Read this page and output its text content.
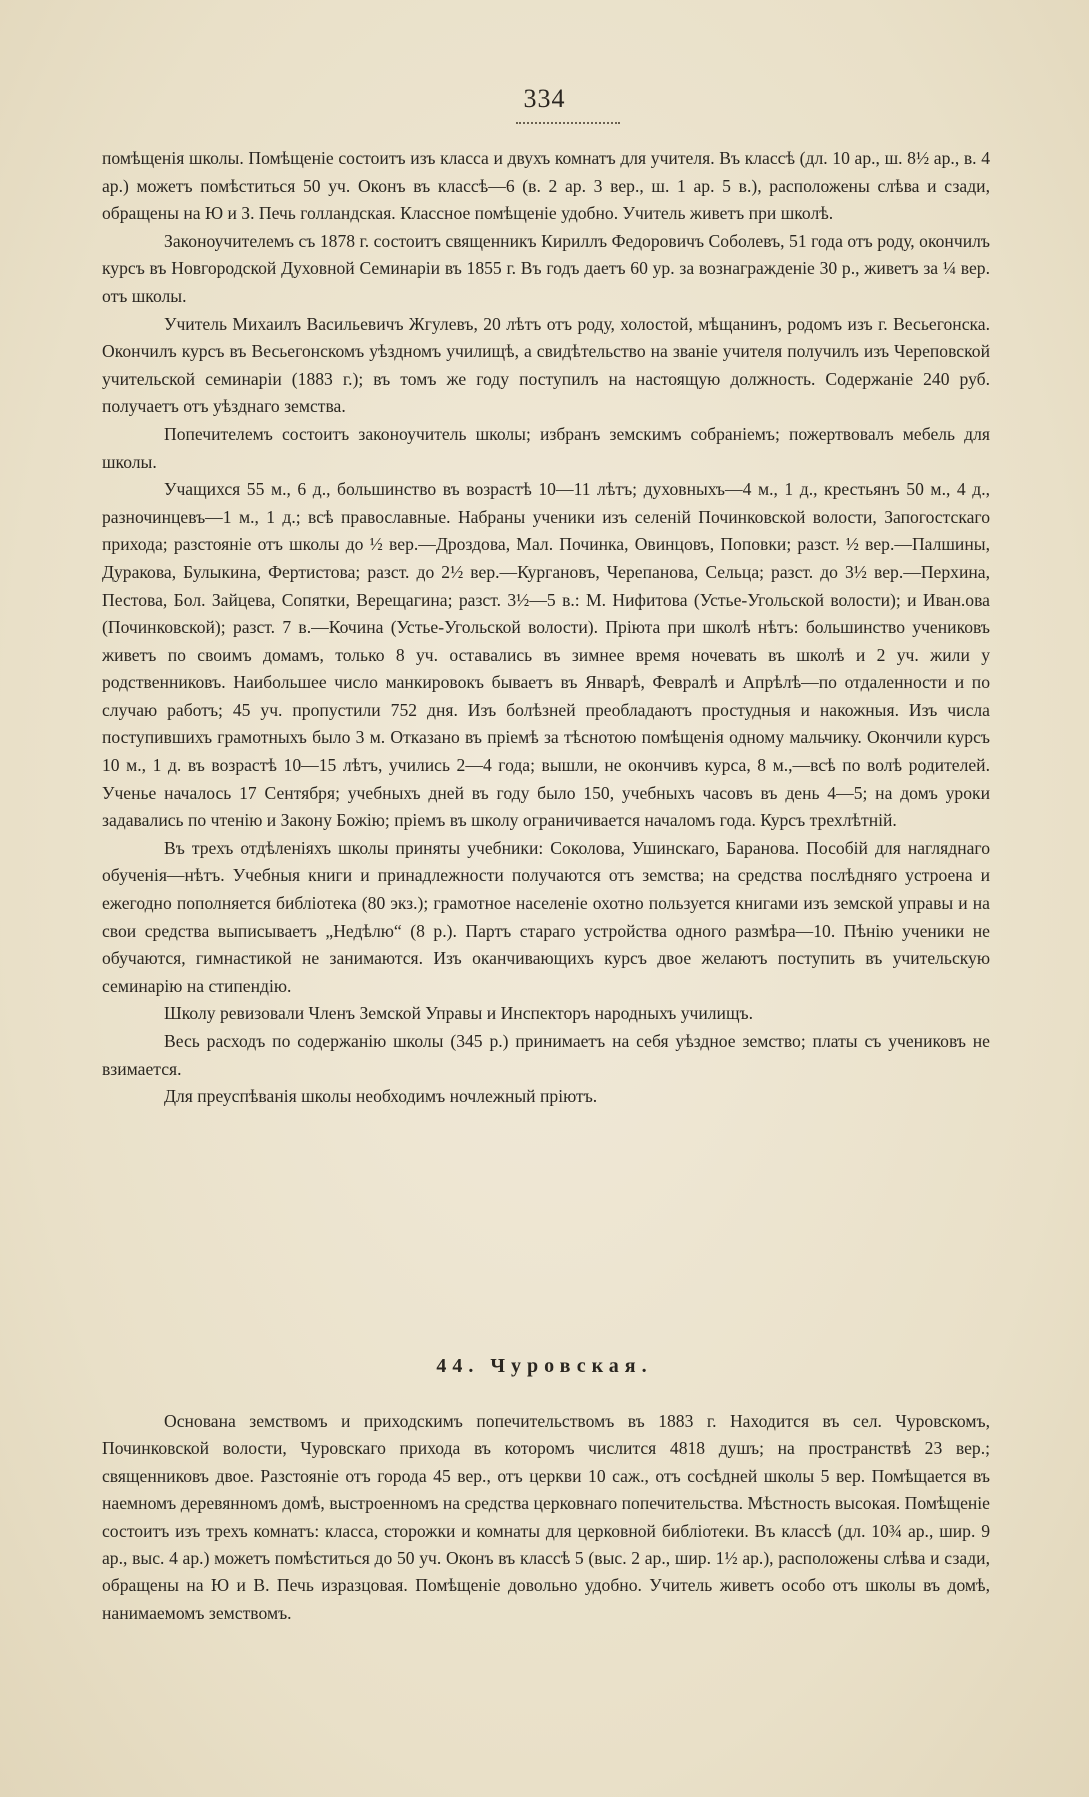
334

помѣщенія школы. Помѣщеніе состоитъ изъ класса и двухъ комнатъ для учителя. Въ классѣ (дл. 10 ар., ш. 8½ ар., в. 4 ар.) можетъ помѣститься 50 уч. Оконъ въ классѣ—6 (в. 2 ар. 3 вер., ш. 1 ар. 5 в.), расположены слѣва и сзади, обращены на Ю и З. Печь голландская. Классное помѣщеніе удобно. Учитель живетъ при школѣ.

Законоучителемъ съ 1878 г. состоитъ священникъ Кириллъ Федоровичъ Соболевъ, 51 года отъ роду, окончилъ курсъ въ Новгородской Духовной Семинаріи въ 1855 г. Въ годъ даетъ 60 ур. за вознагражденіе 30 р., живетъ за ¼ вер. отъ школы.

Учитель Михаилъ Васильевичъ Жгулевъ, 20 лѣтъ отъ роду, холостой, мѣщанинъ, родомъ изъ г. Весьегонска. Окончилъ курсъ въ Весьегонскомъ уѣздномъ училищѣ, а свидѣтельство на званіе учителя получилъ изъ Череповской учительской семинаріи (1883 г.); въ томъ же году поступилъ на настоящую должность. Содержаніе 240 руб. получаетъ отъ уѣзднаго земства.

Попечителемъ состоитъ законоучитель школы; избранъ земскимъ собраніемъ; пожертвовалъ мебель для школы.

Учащихся 55 м., 6 д., большинство въ возрастѣ 10—11 лѣтъ; духовныхъ—4 м., 1 д., крестьянъ 50 м., 4 д., разночинцевъ—1 м., 1 д.; всѣ православные. Набраны ученики изъ селеній Починковской волости, Запогостскаго прихода; разстояніе отъ школы до ½ вер.—Дроздова, Мал. Починка, Овинцовъ, Поповки; разст. ½ вер.—Палшины, Дуракова, Булыкина, Фертистова; разст. до 2½ вер.—Кургановъ, Черепанова, Сельца; разст. до 3½ вер.—Перхина, Пестова, Бол. Зайцева, Сопятки, Верещагина; разст. 3½—5 в.: М. Нифитова (Устье-Угольской волости); и Иван.ова (Починковской); разст. 7 в.—Кочина (Устье-Угольской волости). Пріюта при школѣ нѣтъ: большинство учениковъ живетъ по своимъ домамъ, только 8 уч. оставались въ зимнее время ночевать въ школѣ и 2 уч. жили у родственниковъ. Наибольшее число манкировокъ бываетъ въ Январѣ, Февралѣ и Апрѣлѣ—по отдаленности и по случаю работъ; 45 уч. пропустили 752 дня. Изъ болѣзней преобладаютъ простудныя и накожныя. Изъ числа поступившихъ грамотныхъ было 3 м. Отказано въ пріемѣ за тѣснотою помѣщенія одному мальчику. Окончили курсъ 10 м., 1 д. въ возрастѣ 10—15 лѣтъ, учились 2—4 года; вышли, не окончивъ курса, 8 м.,—всѣ по волѣ родителей. Ученье началось 17 Сентября; учебныхъ дней въ году было 150, учебныхъ часовъ въ день 4—5; на домъ уроки задавались по чтенію и Закону Божію; пріемъ въ школу ограничивается началомъ года. Курсъ трехлѣтній.

Въ трехъ отдѣленіяхъ школы приняты учебники: Соколова, Ушинскаго, Баранова. Пособій для нагляднаго обученія—нѣтъ. Учебныя книги и принадлежности получаются отъ земства; на средства послѣдняго устроена и ежегодно пополняется библіотека (80 экз.); грамотное населеніе охотно пользуется книгами изъ земской управы и на свои средства выписываетъ „Недѣлю“ (8 р.). Партъ стараго устройства одного размѣра—10. Пѣнію ученики не обучаются, гимнастикой не занимаются. Изъ оканчивающихъ курсъ двое желаютъ поступить въ учительскую семинарію на стипендію.

Школу ревизовали Членъ Земской Управы и Инспекторъ народныхъ училищъ.

Весь расходъ по содержанію школы (345 р.) принимаетъ на себя уѣздное земство; платы съ учениковъ не взимается.

Для преуспѣванія школы необходимъ ночлежный пріютъ.

44. Чуровская.

Основана земствомъ и приходскимъ попечительствомъ въ 1883 г. Находится въ сел. Чуровскомъ, Починковской волости, Чуровскаго прихода въ которомъ числится 4818 душъ; на пространствѣ 23 вер.; священниковъ двое. Разстояніе отъ города 45 вер., отъ церкви 10 саж., отъ сосѣдней школы 5 вер. Помѣщается въ наемномъ деревянномъ домѣ, выстроенномъ на средства церковнаго попечительства. Мѣстность высокая. Помѣщеніе состоитъ изъ трехъ комнатъ: класса, сторожки и комнаты для церковной библіотеки. Въ классѣ (дл. 10¾ ар., шир. 9 ар., выс. 4 ар.) можетъ помѣститься до 50 уч. Оконъ въ классѣ 5 (выс. 2 ар., шир. 1½ ар.), расположены слѣва и сзади, обращены на Ю и В. Печь изразцовая. Помѣщеніе довольно удобно. Учитель живетъ особо отъ школы въ домѣ, нанимаемомъ земствомъ.
